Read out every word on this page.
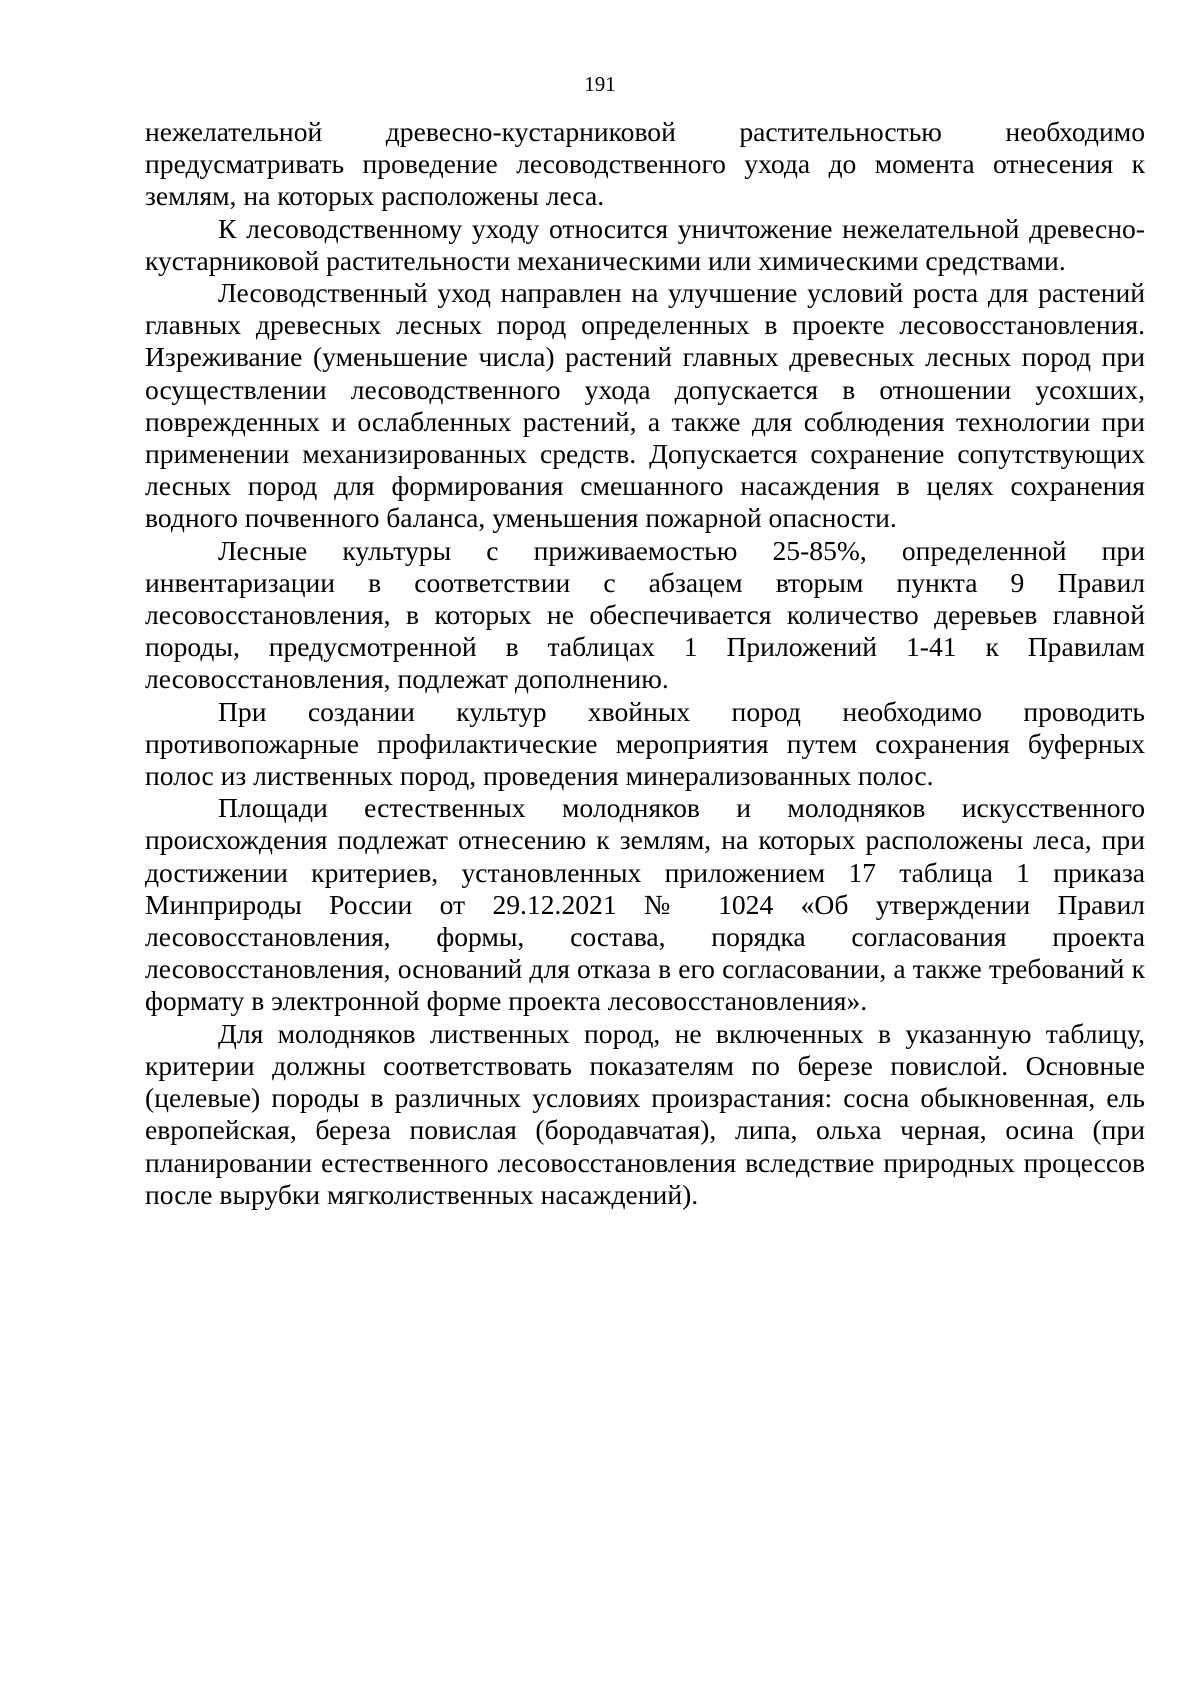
191

нежелательной древесно-кустарниковой растительностью необходимо предусматривать проведение лесоводственного ухода до момента отнесения к землям, на которых расположены леса.

К лесоводственному уходу относится уничтожение нежелательной древесно-кустарниковой растительности механическими или химическими средствами.

Лесоводственный уход направлен на улучшение условий роста для растений главных древесных лесных пород определенных в проекте лесовосстановления. Изреживание (уменьшение числа) растений главных древесных лесных пород при осуществлении лесоводственного ухода допускается в отношении усохших, поврежденных и ослабленных растений, а также для соблюдения технологии при применении механизированных средств. Допускается сохранение сопутствующих лесных пород для формирования смешанного насаждения в целях сохранения водного почвенного баланса, уменьшения пожарной опасности.

Лесные культуры с приживаемостью 25-85%, определенной при инвентаризации в соответствии с абзацем вторым пункта 9 Правил лесовосстановления, в которых не обеспечивается количество деревьев главной породы, предусмотренной в таблицах 1 Приложений 1-41 к Правилам лесовосстановления, подлежат дополнению.

При создании культур хвойных пород необходимо проводить противопожарные профилактические мероприятия путем сохранения буферных полос из лиственных пород, проведения минерализованных полос.

Площади естественных молодняков и молодняков искусственного происхождения подлежат отнесению к землям, на которых расположены леса, при достижении критериев, установленных приложением 17 таблица 1 приказа Минприроды России от 29.12.2021 № 1024 «Об утверждении Правил лесовосстановления, формы, состава, порядка согласования проекта лесовосстановления, оснований для отказа в его согласовании, а также требований к формату в электронной форме проекта лесовосстановления».

Для молодняков лиственных пород, не включенных в указанную таблицу, критерии должны соответствовать показателям по березе повислой. Основные (целевые) породы в различных условиях произрастания: сосна обыкновенная, ель европейская, береза повислая (бородавчатая), липа, ольха черная, осина (при планировании естественного лесовосстановления вследствие природных процессов после вырубки мягколиственных насаждений).
